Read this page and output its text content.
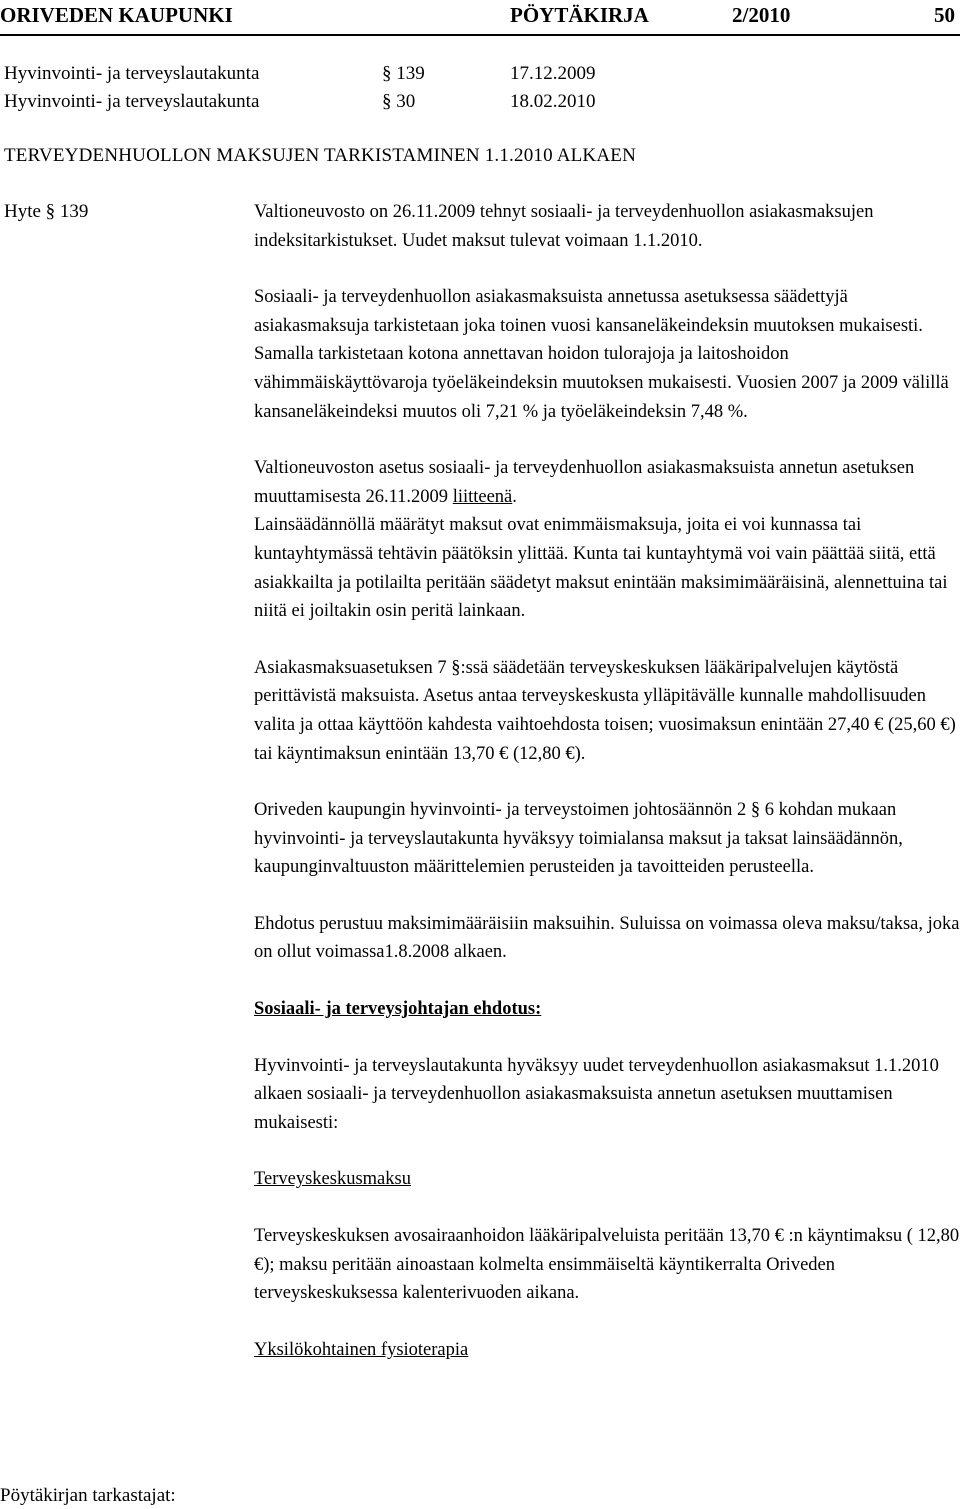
ORIVEDEN KAUPUNKI	PÖYTÄKIRJA	2/2010	50
Hyvinvointi- ja terveyslautakunta	§ 139	17.12.2009
Hyvinvointi- ja terveyslautakunta	§ 30	18.02.2010
TERVEYDENHUOLLON MAKSUJEN TARKISTAMINEN 1.1.2010 ALKAEN
Hyte § 139	Valtioneuvosto on 26.11.2009 tehnyt sosiaali- ja terveydenhuollon asiakasmaksujen indeksitarkistukset. Uudet maksut tulevat voimaan 1.1.2010.

Sosiaali- ja terveydenhuollon asiakasmaksuista annetussa asetuksessa säädettyjä asiakasmaksuja tarkistetaan joka toinen vuosi kansaneläkeindeksin muutoksen mukaisesti. Samalla tarkistetaan kotona annettavan hoidon tulorajoja ja laitoshoidon vähimmäiskäyttövaroja työeläkeindeksin muutoksen mukaisesti. Vuosien 2007 ja 2009 välillä kansaneläkeindeksi muutos oli 7,21 % ja työeläkeindeksin 7,48 %.

Valtioneuvoston asetus sosiaali- ja terveydenhuollon asiakasmaksuista annetun asetuksen muuttamisesta 26.11.2009 liitteenä.

Lainsäädännöllä määrätyt maksut ovat enimmäismaksuja, joita ei voi kunnassa tai kuntayhtymässä tehtävin päätöksin ylittää. Kunta tai kuntayhtymä voi vain päättää siitä, että asiakkailta ja potilailta peritään säädetyt maksut enintään maksimimääräisinä, alennettuina tai niitä ei joiltakin osin peritä lainkaan.

Asiakasmaksuasetuksen 7 §:ssä säädetään terveyskeskuksen lääkäripalvelujen käytöstä perittävistä maksuista. Asetus antaa terveyskeskusta ylläpitävälle kunnalle mahdollisuuden valita ja ottaa käyttöön kahdesta vaihtoehdosta toisen; vuosimaksun enintään 27,40 € (25,60 €) tai käyntimaksun enintään 13,70 € (12,80 €).

Oriveden kaupungin hyvinvointi- ja terveystoimen johtosäännön 2 § 6 kohdan mukaan hyvinvointi- ja terveyslautakunta hyväksyy toimialansa maksut ja taksat lainsäädännön, kaupunginvaltuuston määrittelemien perusteiden ja tavoitteiden perusteella.

Ehdotus perustuu maksimimääräisiin maksuihin. Suluissa on voimassa oleva maksu/taksa, joka on ollut voimassa1.8.2008 alkaen.

Sosiaali- ja terveysjohtajan ehdotus:

Hyvinvointi- ja terveyslautakunta hyväksyy uudet terveydenhuollon asiakasmaksut 1.1.2010 alkaen sosiaali- ja terveydenhuollon asiakasmaksuista annetun asetuksen muuttamisen mukaisesti:

Terveyskeskusmaksu

Terveyskeskuksen avosairaanhoidon lääkäripalveluista peritään 13,70 € :n käyntimaksu ( 12,80 €); maksu peritään ainoastaan kolmelta ensimmäiseltä käyntikerralta Oriveden terveyskeskuksessa kalenterivuoden aikana.

Yksilökohtainen fysioterapia

Pöytäkirjan tarkastajat:
